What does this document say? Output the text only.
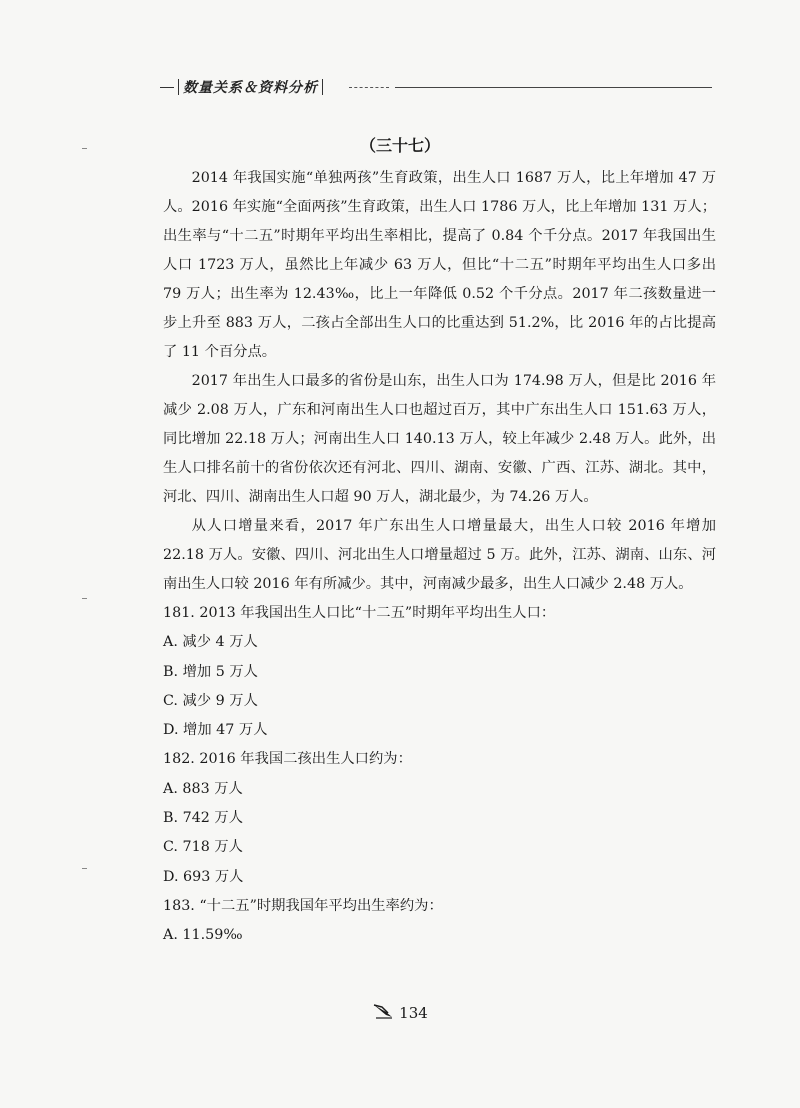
数量关系＆资料分析
（三十七）

2014 年我国实施“单独两孩”生育政策，出生人口 1687 万人，比上年增加 47 万人。2016 年实施“全面两孩”生育政策，出生人口 1786 万人，比上年增加 131 万人；出生率与“十二五”时期年平均出生率相比，提高了 0.84 个千分点。2017 年我国出生人口 1723 万人，虽然比上年减少 63 万人，但比“十二五”时期年平均出生人口多出 79 万人；出生率为 12.43‰，比上一年降低 0.52 个千分点。2017 年二孩数量进一步上升至 883 万人，二孩占全部出生人口的比重达到 51.2%，比 2016 年的占比提高了 11 个百分点。

2017 年出生人口最多的省份是山东，出生人口为 174.98 万人，但是比 2016 年减少 2.08 万人，广东和河南出生人口也超过百万，其中广东出生人口 151.63 万人，同比增加 22.18 万人；河南出生人口 140.13 万人，较上年减少 2.48 万人。此外，出生人口排名前十的省份依次还有河北、四川、湖南、安徽、广西、江苏、湖北。其中，河北、四川、湖南出生人口超 90 万人，湖北最少，为 74.26 万人。

从人口增量来看，2017 年广东出生人口增量最大，出生人口较 2016 年增加 22.18 万人。安徽、四川、河北出生人口增量超过 5 万。此外，江苏、湖南、山东、河南出生人口较 2016 年有所减少。其中，河南减少最多，出生人口减少 2.48 万人。

181. 2013 年我国出生人口比“十二五”时期年平均出生人口：

A. 减少 4 万人

B. 增加 5 万人

C. 减少 9 万人

D. 增加 47 万人

182. 2016 年我国二孩出生人口约为：

A. 883 万人

B. 742 万人

C. 718 万人

D. 693 万人

183. “十二五”时期我国年平均出生率约为：

A. 11.59‰

134
